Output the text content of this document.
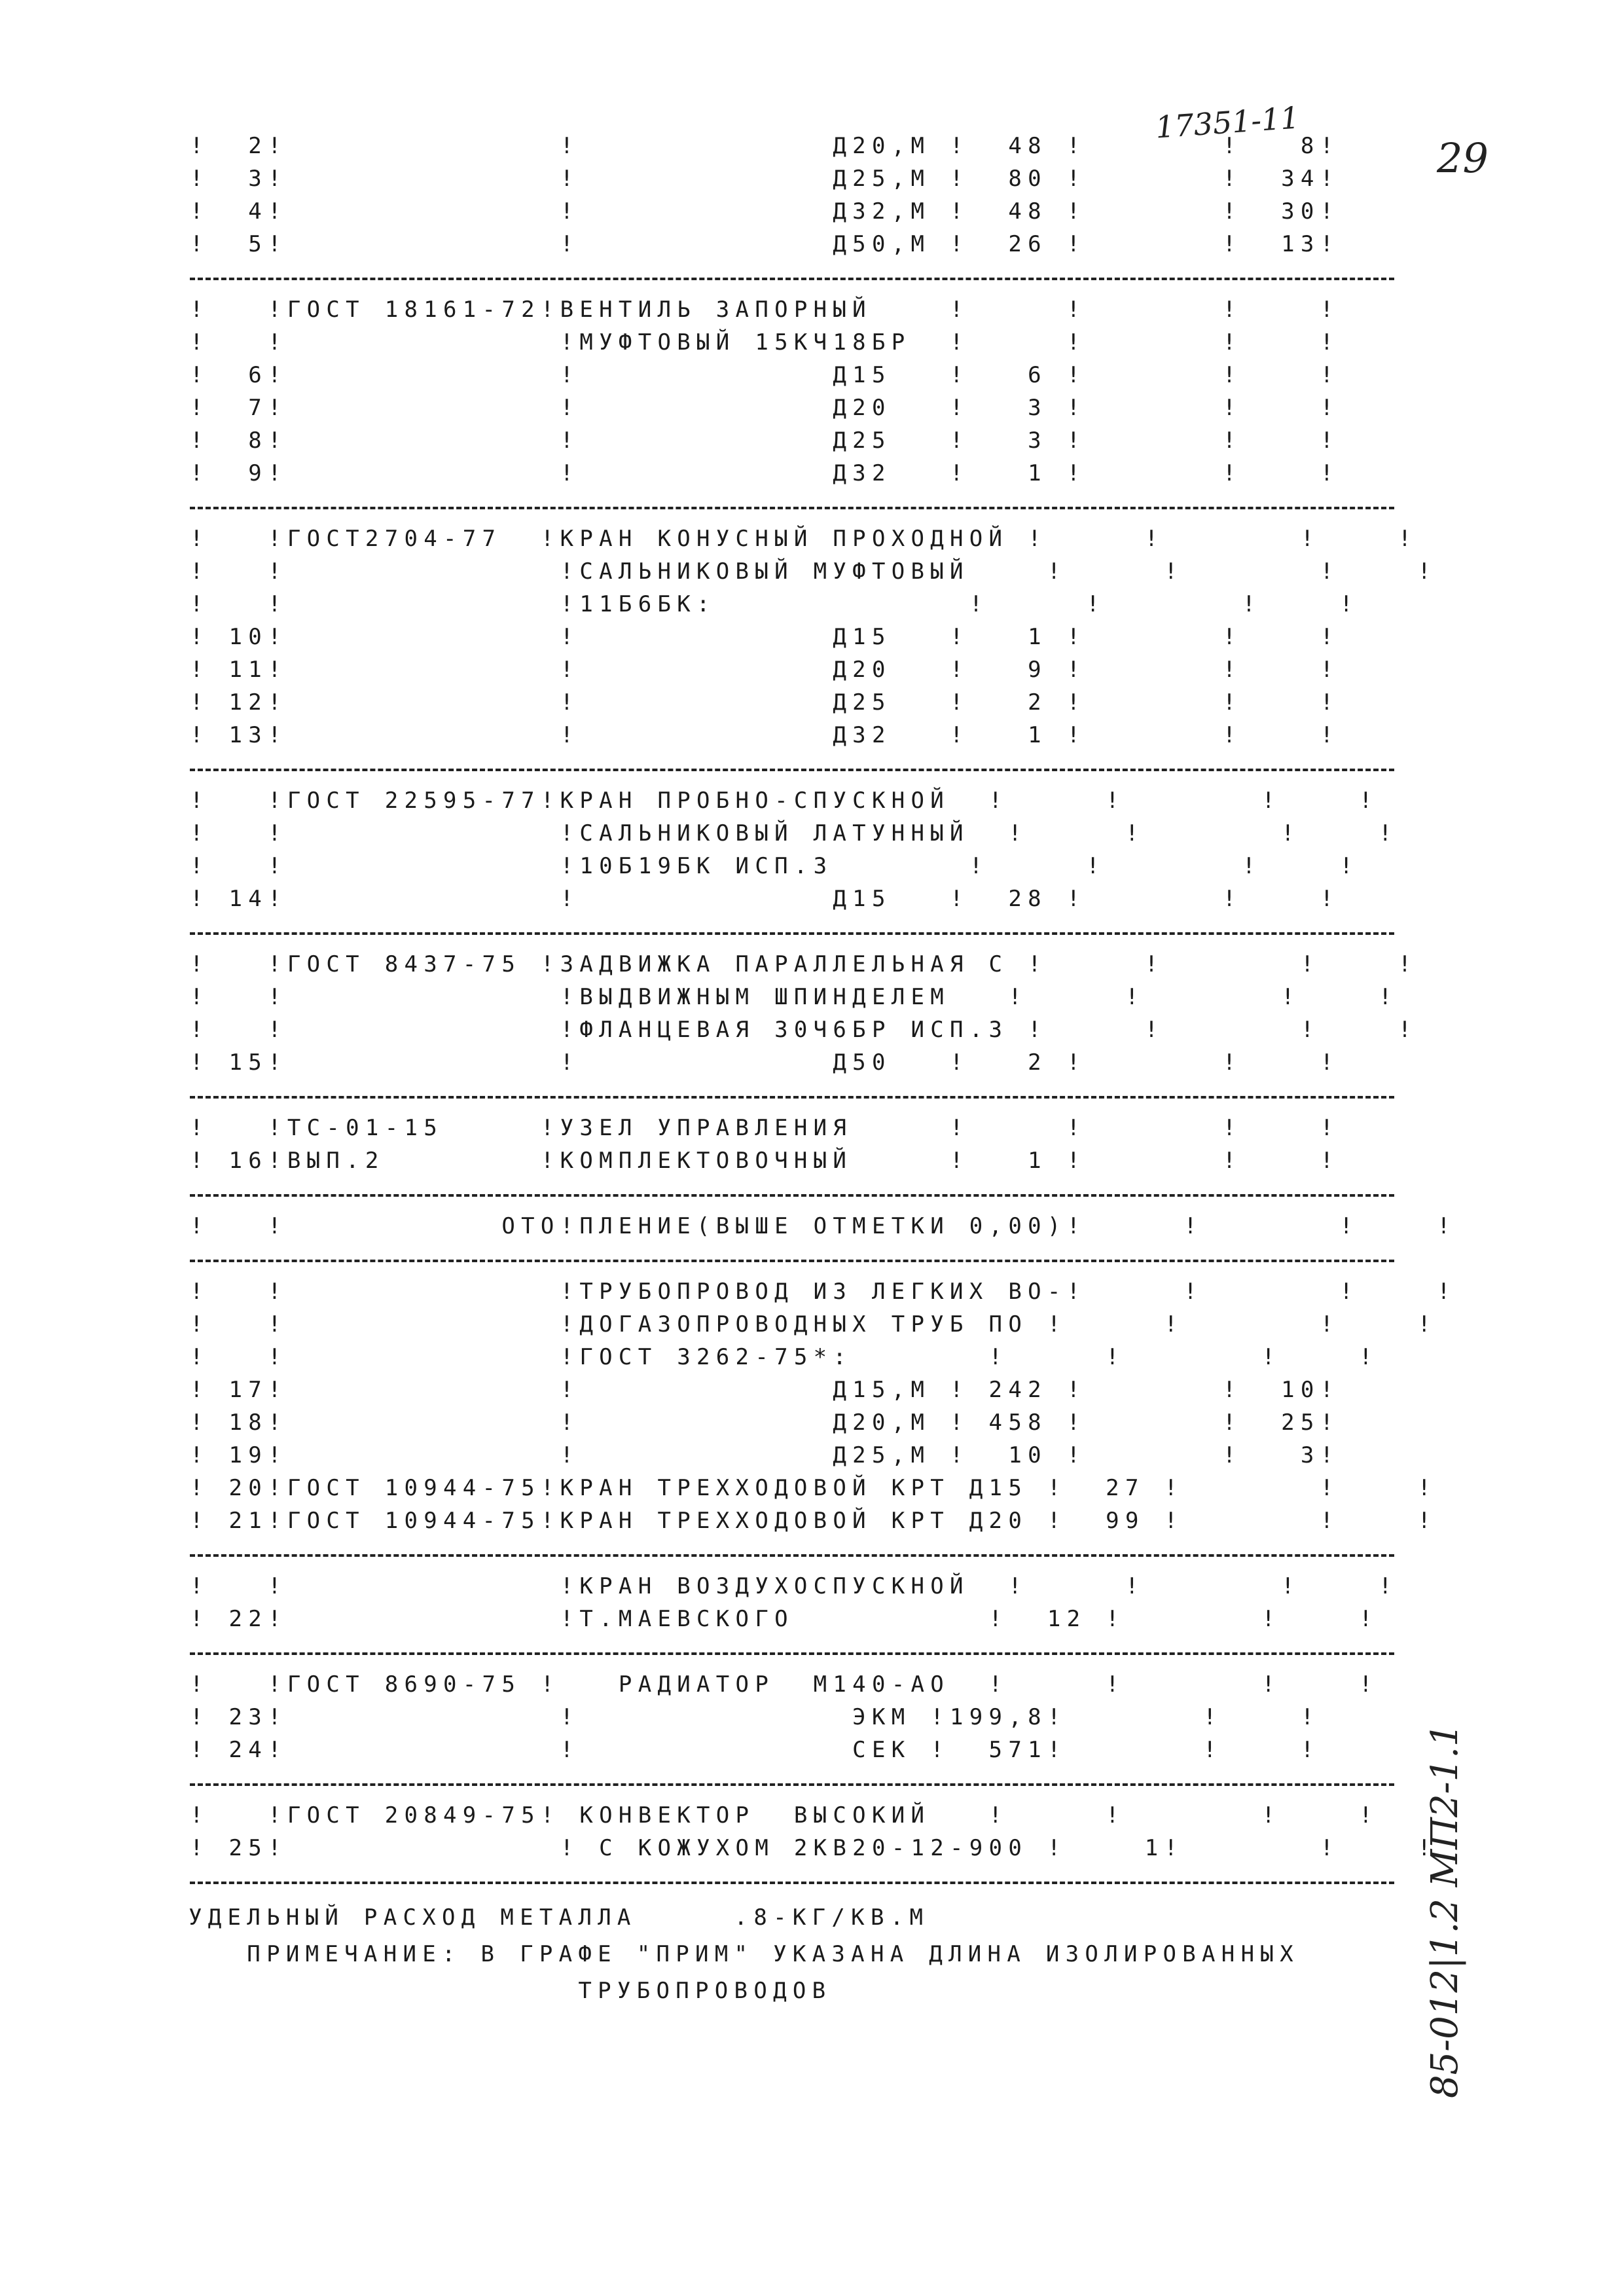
17351-11
29
85-012|1.2 МП2-1.1
!  2!              !             Д20,М !  48 !       !   8!
!  3!              !             Д25,М !  80 !       !  34!
!  4!              !             Д32,М !  48 !       !  30!
!  5!              !             Д50,М !  26 !       !  13!
!   !ГОСТ 18161-72!ВЕНТИЛЬ ЗАПОРНЫЙ    !     !       !    !
!   !              !МУФТОВЫЙ 15КЧ18БР  !     !       !    !
!  6!              !             Д15   !   6 !       !    !
!  7!              !             Д20   !   3 !       !    !
!  8!              !             Д25   !   3 !       !    !
!  9!              !             Д32   !   1 !       !    !
!   !ГОСТ2704-77  !КРАН КОНУСНЫЙ ПРОХОДНОЙ !     !       !    !
!   !              !САЛЬНИКОВЫЙ МУФТОВЫЙ    !     !       !    !
!   !              !11Б6БК:             !     !       !    !
! 10!              !             Д15   !   1 !       !    !
! 11!              !             Д20   !   9 !       !    !
! 12!              !             Д25   !   2 !       !    !
! 13!              !             Д32   !   1 !       !    !
!   !ГОСТ 22595-77!КРАН ПРОБНО-СПУСКНОЙ  !     !       !    !
!   !              !САЛЬНИКОВЫЙ ЛАТУННЫЙ  !     !       !    !
!   !              !10Б19БК ИСП.3       !     !       !    !
! 14!              !             Д15   !  28 !       !    !
!   !ГОСТ 8437-75 !ЗАДВИЖКА ПАРАЛЛЕЛЬНАЯ С !     !       !    !
!   !              !ВЫДВИЖНЫМ ШПИНДЕЛЕМ   !     !       !    !
!   !              !ФЛАНЦЕВАЯ 30Ч6БР ИСП.3 !     !       !    !
! 15!              !             Д50   !   2 !       !    !
!   !ТС-01-15     !УЗЕЛ УПРАВЛЕНИЯ     !     !       !    !
! 16!ВЫП.2        !КОМПЛЕКТОВОЧНЫЙ     !   1 !       !    !
!   !           ОТО!ПЛЕНИЕ(ВЫШЕ ОТМЕТКИ 0,00)!     !       !    !
!   !              !ТРУБОПРОВОД ИЗ ЛЕГКИХ ВО-!     !       !    !
!   !              !ДОГАЗОПРОВОДНЫХ ТРУБ ПО !     !       !    !
!   !              !ГОСТ 3262-75*:       !     !       !    !
! 17!              !             Д15,М ! 242 !       !  10!
! 18!              !             Д20,М ! 458 !       !  25!
! 19!              !             Д25,М !  10 !       !   3!
! 20!ГОСТ 10944-75!КРАН ТРЕХХОДОВОЙ КРТ Д15 !  27 !       !    !
! 21!ГОСТ 10944-75!КРАН ТРЕХХОДОВОЙ КРТ Д20 !  99 !       !    !
!   !              !КРАН ВОЗДУХОСПУСКНОЙ  !     !       !    !
! 22!              !Т.МАЕВСКОГО          !  12 !       !    !
!   !ГОСТ 8690-75 !   РАДИАТОР  М140-АО  !     !       !    !
! 23!              !              ЭКМ !199,8!       !    !
! 24!              !              СЕК !  571!       !    !
!   !ГОСТ 20849-75! КОНВЕКТОР  ВЫСОКИЙ   !     !       !    !
! 25!              ! С КОЖУХОМ 2КВ20-12-900 !    1!       !    !
УДЕЛЬНЫЙ РАСХОД МЕТАЛЛА     .8-КГ/КВ.М
ПРИМЕЧАНИЕ: В ГРАФЕ "ПРИМ" УКАЗАНА ДЛИНА ИЗОЛИРОВАННЫХ
ТРУБОПРОВОДОВ
